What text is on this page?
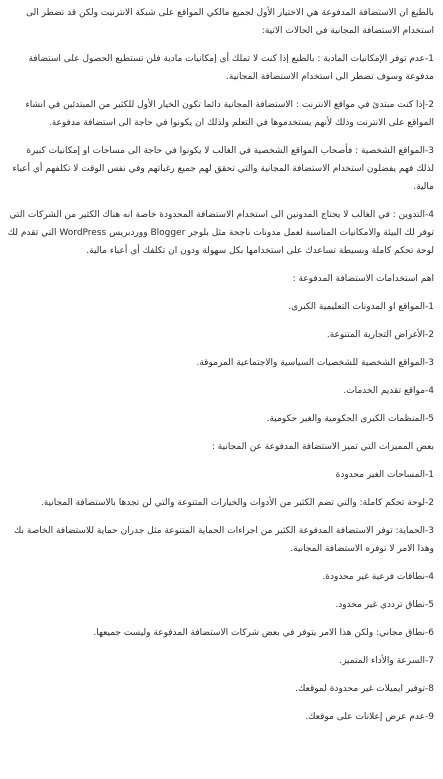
بالطبع ان الاستضافة المدفوعة هي الاختيار الأول لجميع مالكي المواقع على شبكة الانترنيت ولكن قد تضطر الى استخدام الاستضافة المجانية في الحالات الاتية:

1-عدم توفر الإمكانيات المادية : بالطبع إذا كنت لا تملك أي إمكانيات مادية فلن تستطيع الحصول على استضافة مدفوعة وسوف تضطر الى استخدام الاستضافة المجانية.

2-إذا كنت مبتدئ في مواقع الانترنت : الاستضافة المجانية دائما تكون الخيار الأول للكثير من المبتدئين في انشاء المواقع على الانترنت وذلك لأنهم يستخدموها في التعلم ولذلك ان يكونوا في حاجة الى استضافة مدفوعة.

3-المواقع الشخصية : فأصحاب المواقع الشخصية في الغالب لا يكونوا في حاجة الى مساحات او إمكانيات كبيرة لذلك فهم يفضلون استخدام الاستضافة المجانية والتي تحقق لهم جميع رغباتهم وفي نفس الوقت لا تكلفهم أي أعباء مالية.

4-التدوين : في الغالب لا يحتاج المدونين الى استخدام الاستضافة المحدودة خاصة انه هناك الكثير من الشركات التي توفر لك البيئة والامكانيات المناسبة لعمل مدونات ناجحة مثل بلوجر Blogger ووردبريس WordPress التي تقدم لك لوحة تحكم كاملة وبسيطة تساعدك على استخدامها بكل سهولة ودون ان تكلفك أي أعباء مالية.

اهم استخدامات الاستضافة المدفوعة :

1-المواقع او المدونات التعليمية الكبرى.

2-الأغراض التجارية المتنوعة.

3-المواقع الشخصية للشخصيات السياسية والاجتماعية المرموقة.

4-مواقع تقديم الخدمات.

5-المنظمات الكبرى الحكومية والغير حكومية.

بعض المميزات التي تميز الاستضافة المدفوعة عن المجانية :

1-المساحات الغير محدودة

2-لوحة تحكم كاملة: والتي تضم الكثير من الأدوات والخيارات المتنوعة والتي لن تجدها بالاستضافة المجانية.

3-الحماية: توفر الاستضافة المدفوعة الكثير من اجراءات الحماية المتنوعة مثل جدران حماية للاستضافة الخاصة بك وهذا الامر لا توفره الاستضافة المجانية.

4-نطاقات فرعية غير محدودة.

5-نطاق ترددي غير محدود.

6-نطاق مجاني: ولكن هذا الامر يتوفر في بعض شركات الاستضافة المدفوعة وليست جميعها.

7-السرعة والأداء المتميز.

8-توفير ايميلات غير محدودة لموقعك.

9-عدم عرض إعلانات على موقعك.
